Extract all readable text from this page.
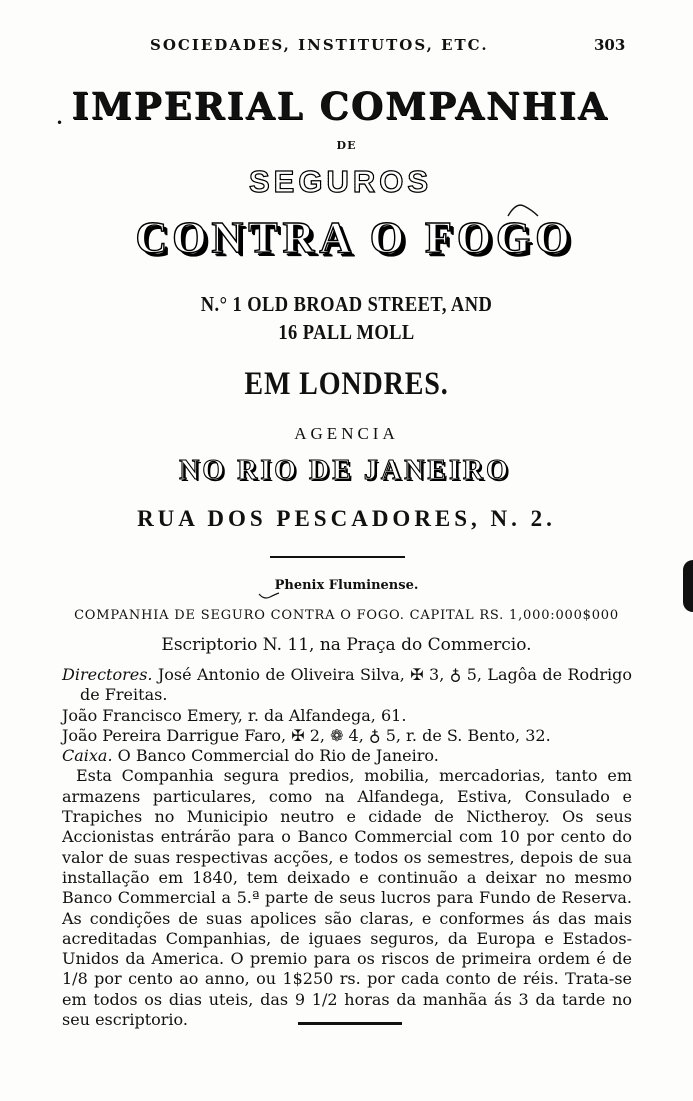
SOCIEDADES, INSTITUTOS, ETC.	303
• IMPERIAL COMPANHIA
DE
SEGUROS
CONTRA O FOGO
N.° 1 OLD BROAD STREET, AND
16 PALL MOLL
EM LONDRES.
AGENCIA
NO RIO DE JANEIRO
RUA DOS PESCADORES, N. 2.
Phenix Fluminense.
COMPANHIA DE SEGURO CONTRA O FOGO. CAPITAL RS. 1,000:000$000
Escriptorio N. 11, na Praça do Commercio.

Directores. José Antonio de Oliveira Silva, ✠ 3, ♁ 5, Lagôa de Rodrigo de Freitas.

João Francisco Emery, r. da Alfandega, 61.

João Pereira Darrigue Faro, ✠ 2, ❁ 4, ♁ 5, r. de S. Bento, 32.

Caixa. O Banco Commercial do Rio de Janeiro.

Esta Companhia segura predios, mobilia, mercadorias, tanto em armazens particulares, como na Alfandega, Estiva, Consulado e Trapiches no Municipio neutro e cidade de Nictheroy. Os seus Accionistas entrárão para o Banco Commercial com 10 por cento do valor de suas respectivas acções, e todos os semestres, depois de sua installação em 1840, tem deixado e continuão a deixar no mesmo Banco Commercial a 5.ª parte de seus lucros para Fundo de Reserva. As condições de suas apolices são claras, e conformes ás das mais acreditadas Companhias, de iguaes seguros, da Europa e Estados-Unidos da America. O premio para os riscos de primeira ordem é de 1/8 por cento ao anno, ou 1$250 rs. por cada conto de réis. Trata-se em todos os dias uteis, das 9 1/2 horas da manhãa ás 3 da tarde no seu escriptorio.
